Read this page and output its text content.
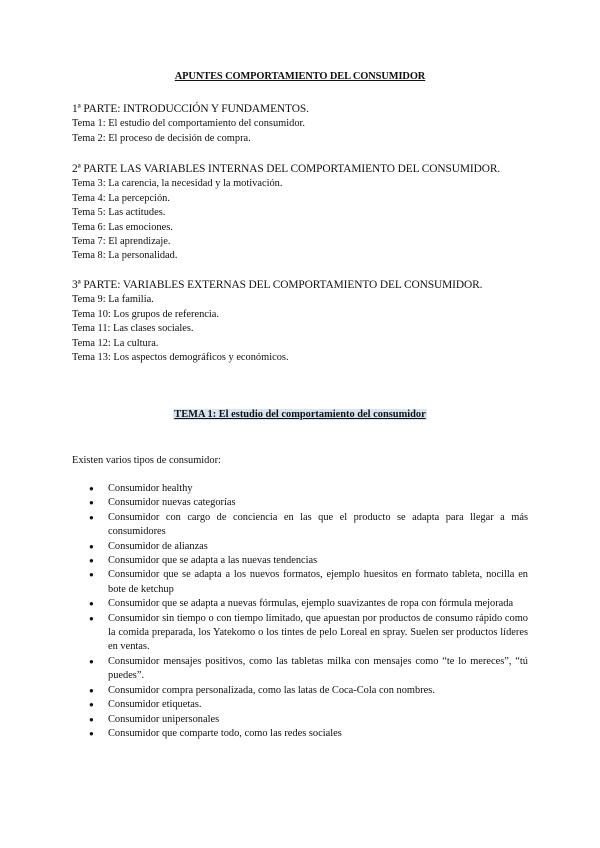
APUNTES COMPORTAMIENTO DEL CONSUMIDOR
1ª PARTE: INTRODUCCIÓN Y FUNDAMENTOS.
Tema 1: El estudio del comportamiento del consumidor.
Tema 2: El proceso de decisión de compra.
2ª PARTE LAS VARIABLES INTERNAS DEL COMPORTAMIENTO DEL CONSUMIDOR.
Tema 3: La carencia, la necesidad y la motivación.
Tema 4: La percepción.
Tema 5: Las actitudes.
Tema 6: Las emociones.
Tema 7: El aprendizaje.
Tema 8: La personalidad.
3ª PARTE: VARIABLES EXTERNAS DEL COMPORTAMIENTO DEL CONSUMIDOR.
Tema 9: La familia.
Tema 10: Los grupos de referencia.
Tema 11: Las clases sociales.
Tema 12: La cultura.
Tema 13: Los aspectos demográficos y económicos.
TEMA 1: El estudio del comportamiento del consumidor
Existen varios tipos de consumidor:
● Consumidor healthy
● Consumidor nuevas categorías
● Consumidor con cargo de conciencia en las que el producto se adapta para llegar a más consumidores
● Consumidor de alianzas
● Consumidor que se adapta a las nuevas tendencias
● Consumidor que se adapta a los nuevos formatos, ejemplo huesitos en formato tableta, nocilla en bote de ketchup
● Consumidor que se adapta a nuevas fórmulas, ejemplo suavizantes de ropa con fórmula mejorada
● Consumidor sin tiempo o con tiempo limitado, que apuestan por productos de consumo rápido como la comida preparada, los Yatekomo o los tintes de pelo Loreal en spray. Suelen ser productos líderes en ventas.
● Consumidor mensajes positivos, como las tabletas milka con mensajes como “te lo mereces”, “tú puedes”.
● Consumidor compra personalizada, como las latas de Coca-Cola con nombres.
● Consumidor etiquetas.
● Consumidor unipersonales
● Consumidor que comparte todo, como las redes sociales
